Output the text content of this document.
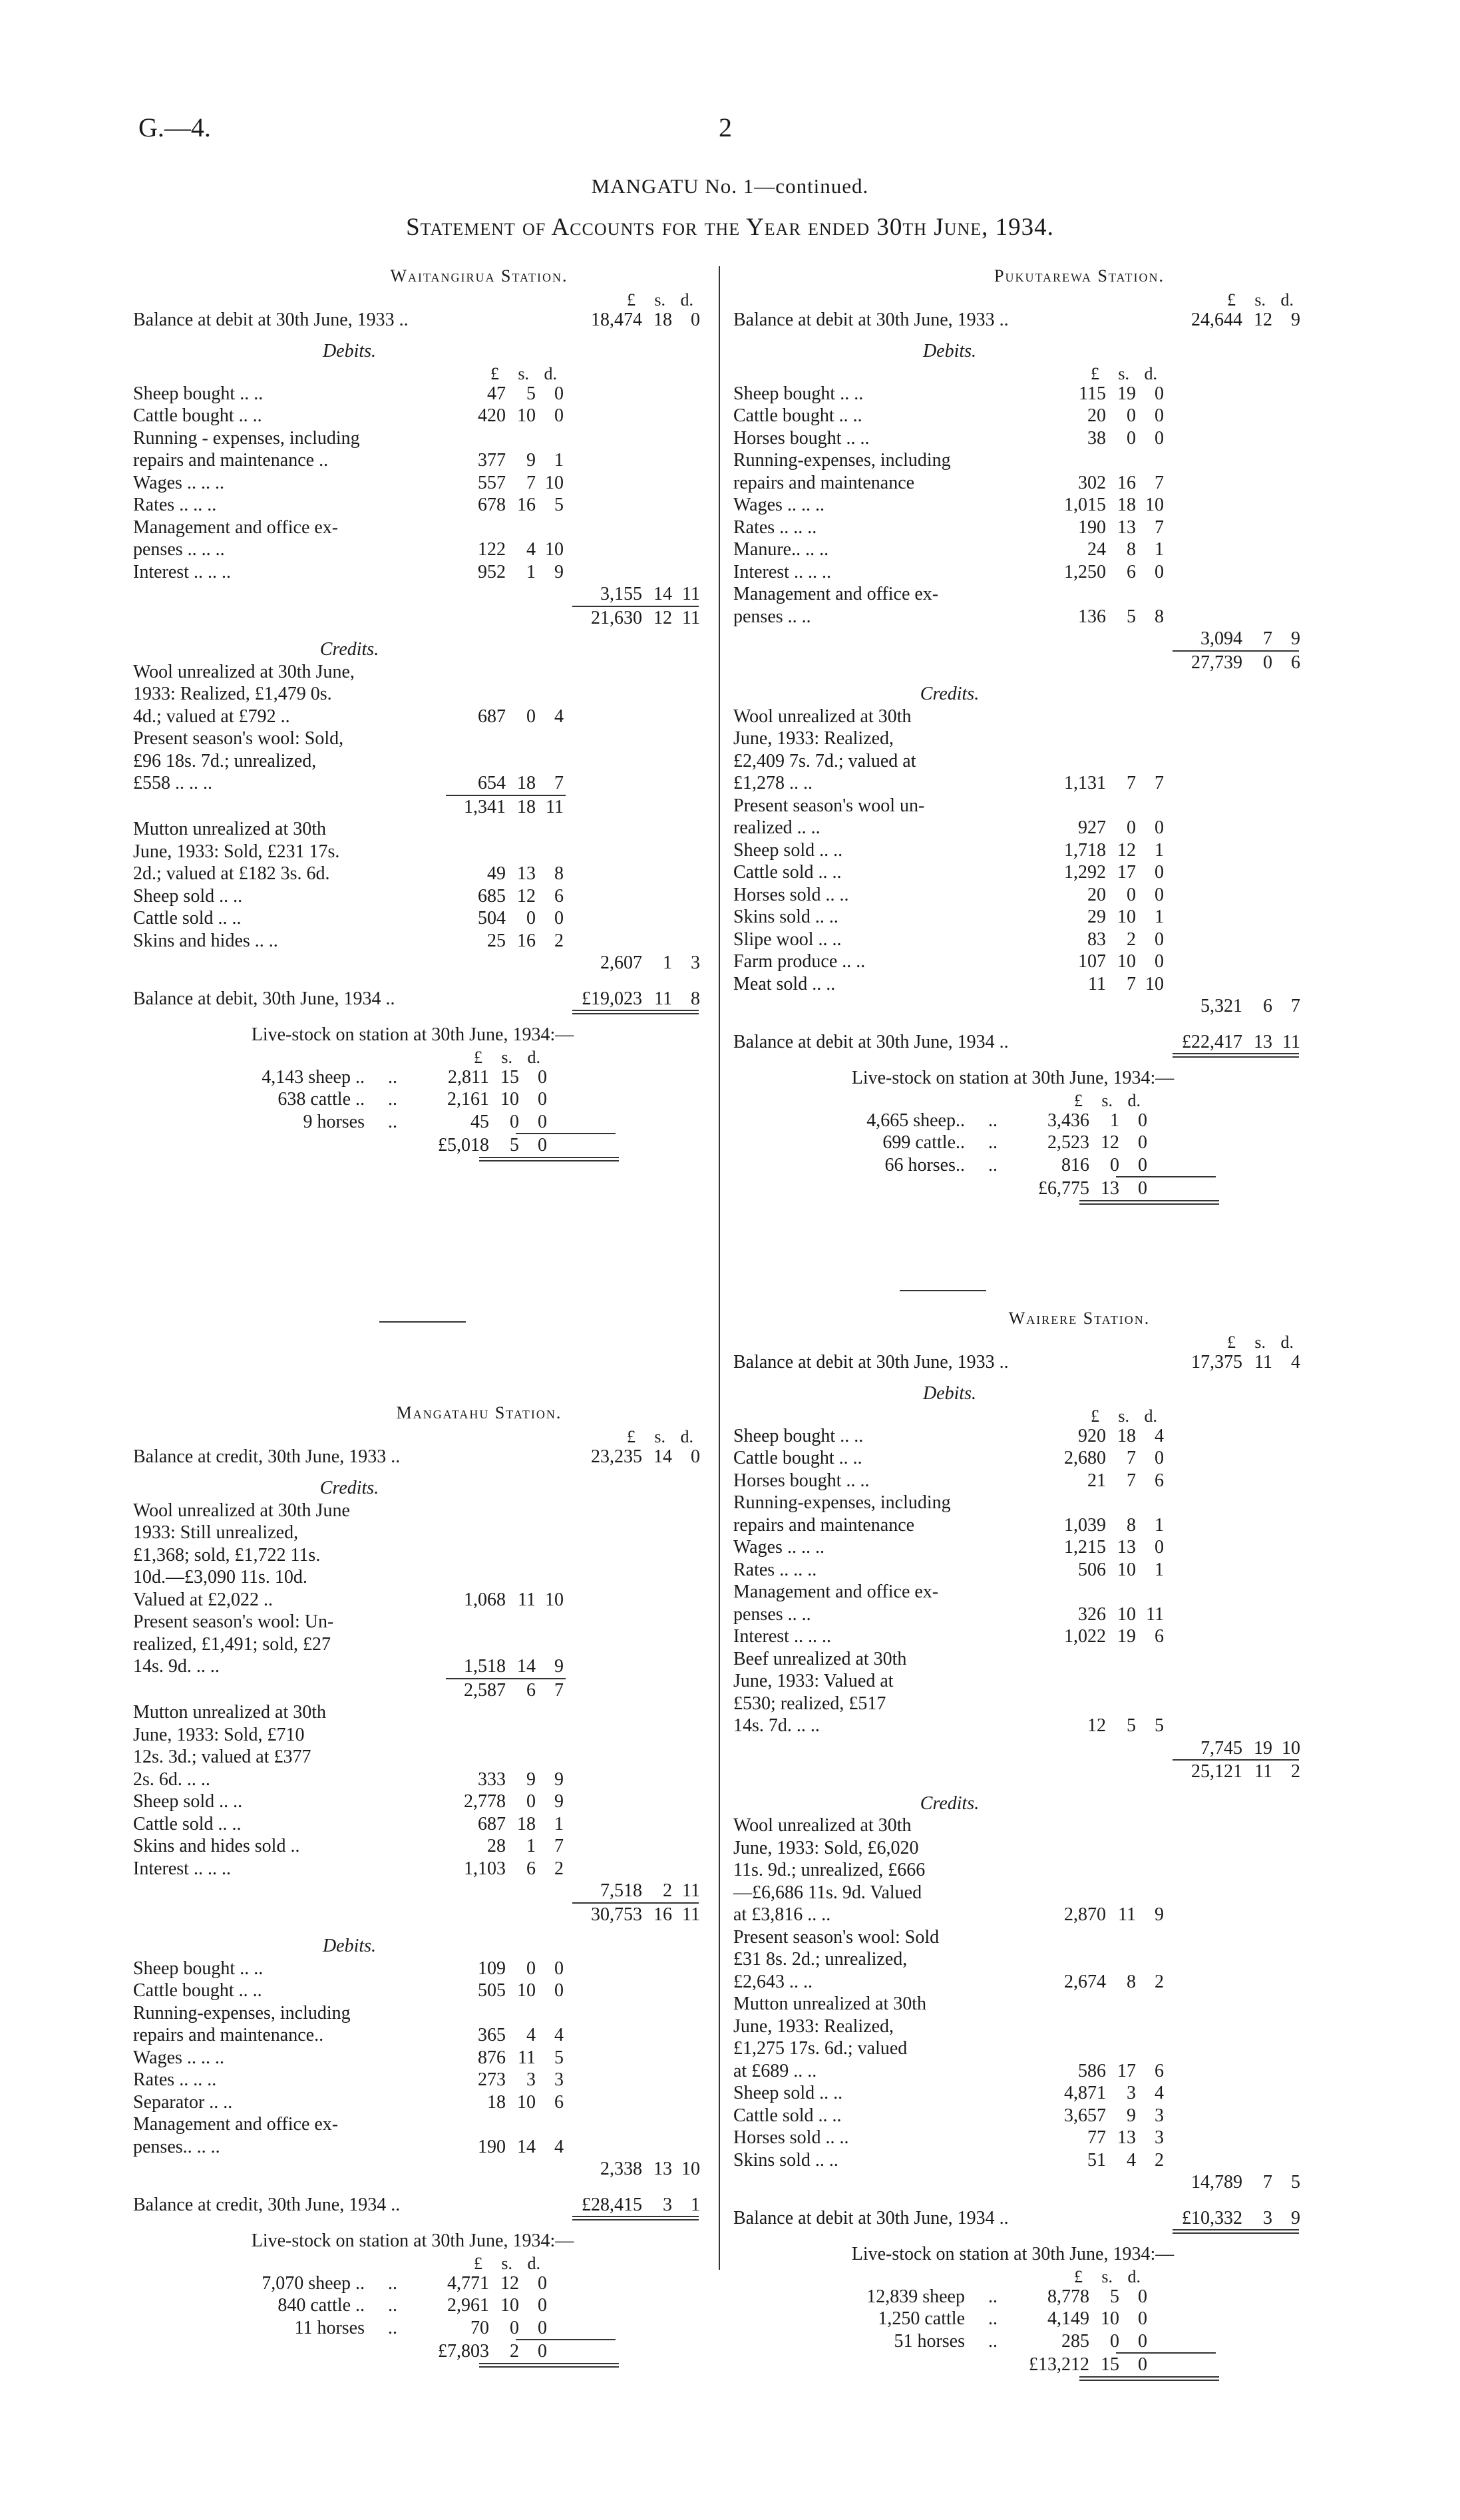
G.—4.	2
MANGATU No. 1—continued.
Statement of Accounts for the Year ended 30th June, 1934.
Waitangirua Station.
£	s. d.
Balance at debit at 30th June, 1933 ..	18,474 18	0
Debits.
£	s. d.
Sheep bought .. ..	47	5	0
Cattle bought .. ..	420 10	0
Running - expenses, including
repairs and maintenance ..	377	9	1
Wages .. .. ..	557	7 10
Rates .. .. ..	678 16	5
Management and office ex-
penses .. .. ..	122	4 10
Interest .. .. ..	952	1	9
3,155 14 11
21,630 12 11
Credits.
Wool unrealized at 30th June,
1933: Realized, £1,479 0s.
4d.; valued at £792 ..	687	0	4
Present season's wool: Sold,
£96 18s. 7d.; unrealized,
£558 .. .. ..	654 18	7
1,341 18 11
Mutton unrealized at 30th
June, 1933: Sold, £231 17s.
2d.; valued at £182 3s. 6d.	49 13	8
Sheep sold .. ..	685 12	6
Cattle sold .. ..	504	0	0
Skins and hides .. ..	25 16	2
2,607	1	3
Balance at debit, 30th June, 1934 ..	£19,023 11	8
Live-stock on station at 30th June, 1934:—
£	s. d.
4,143 sheep ..	..	2,811 15	0
638 cattle ..	..	2,161 10	0
9 horses	..	45	0	0
£5,018	5	0
Mangatahu Station.
£	s. d.
Balance at credit, 30th June, 1933 ..	23,235 14	0
Credits.
Wool unrealized at 30th June
1933: Still unrealized,
£1,368; sold, £1,722 11s.
10d.—£3,090 11s. 10d.
Valued at £2,022 ..	1,068 11 10
Present season's wool: Un-
realized, £1,491; sold, £27
14s. 9d. .. ..	1,518 14	9
2,587	6	7
Mutton unrealized at 30th
June, 1933: Sold, £710
12s. 3d.; valued at £377
2s. 6d. .. ..	333	9	9
Sheep sold .. ..	2,778	0	9
Cattle sold .. ..	687 18	1
Skins and hides sold ..	28	1	7
Interest .. .. ..	1,103	6	2
7,518	2 11
30,753 16 11
Debits.
Sheep bought .. ..	109	0	0
Cattle bought .. ..	505 10	0
Running-expenses, including
repairs and maintenance..	365	4	4
Wages .. .. ..	876 11	5
Rates .. .. ..	273	3	3
Separator .. ..	18 10	6
Management and office ex-
penses.. .. ..	190 14	4
2,338 13 10
Balance at credit, 30th June, 1934 ..	£28,415	3	1
Live-stock on station at 30th June, 1934:—
£	s. d.
7,070 sheep ..	..	4,771 12	0
840 cattle ..	..	2,961 10	0
11 horses	..	70	0	0
£7,803	2	0
Pukutarewa Station.
£	s. d.
Balance at debit at 30th June, 1933 ..	24,644 12	9
Debits.
£	s. d.
Sheep bought .. ..	115 19	0
Cattle bought .. ..	20	0	0
Horses bought .. ..	38	0	0
Running-expenses, including
repairs and maintenance	302 16	7
Wages .. .. ..	1,015 18 10
Rates .. .. ..	190 13	7
Manure.. .. ..	24	8	1
Interest .. .. ..	1,250	6	0
Management and office ex-
penses .. ..	136	5	8
3,094	7	9
27,739	0	6
Credits.
Wool unrealized at 30th
June, 1933: Realized,
£2,409 7s. 7d.; valued at
£1,278 .. ..	1,131	7	7
Present season's wool un-
realized .. ..	927	0	0
Sheep sold .. ..	1,718 12	1
Cattle sold .. ..	1,292 17	0
Horses sold .. ..	20	0	0
Skins sold .. ..	29 10	1
Slipe wool .. ..	83	2	0
Farm produce .. ..	107 10	0
Meat sold .. ..	11	7 10
5,321	6	7
Balance at debit at 30th June, 1934 ..	£22,417 13 11
Live-stock on station at 30th June, 1934:—
£	s. d.
4,665 sheep..	..	3,436	1	0
699 cattle..	..	2,523 12	0
66 horses..	..	816	0	0
£6,775 13	0
Wairere Station.
£	s. d.
Balance at debit at 30th June, 1933 ..	17,375 11	4
Debits.
£	s. d.
Sheep bought .. ..	920 18	4
Cattle bought .. ..	2,680	7	0
Horses bought .. ..	21	7	6
Running-expenses, including
repairs and maintenance	1,039	8	1
Wages .. .. ..	1,215 13	0
Rates .. .. ..	506 10	1
Management and office ex-
penses .. ..	326 10 11
Interest .. .. ..	1,022 19	6
Beef unrealized at 30th
June, 1933: Valued at
£530; realized, £517
14s. 7d. .. ..	12	5	5
7,745 19 10
25,121 11	2
Credits.
Wool unrealized at 30th
June, 1933: Sold, £6,020
11s. 9d.; unrealized, £666
—£6,686 11s. 9d. Valued
at £3,816 .. ..	2,870 11	9
Present season's wool: Sold
£31 8s. 2d.; unrealized,
£2,643 .. ..	2,674	8	2
Mutton unrealized at 30th
June, 1933: Realized,
£1,275 17s. 6d.; valued
at £689 .. ..	586 17	6
Sheep sold .. ..	4,871	3	4
Cattle sold .. ..	3,657	9	3
Horses sold .. ..	77 13	3
Skins sold .. ..	51	4	2
14,789	7	5
Balance at debit at 30th June, 1934 ..	£10,332	3	9
Live-stock on station at 30th June, 1934:—
£	s. d.
12,839 sheep	..	8,778	5	0
1,250 cattle	..	4,149 10	0
51 horses	..	285	0	0
£13,212 15	0
